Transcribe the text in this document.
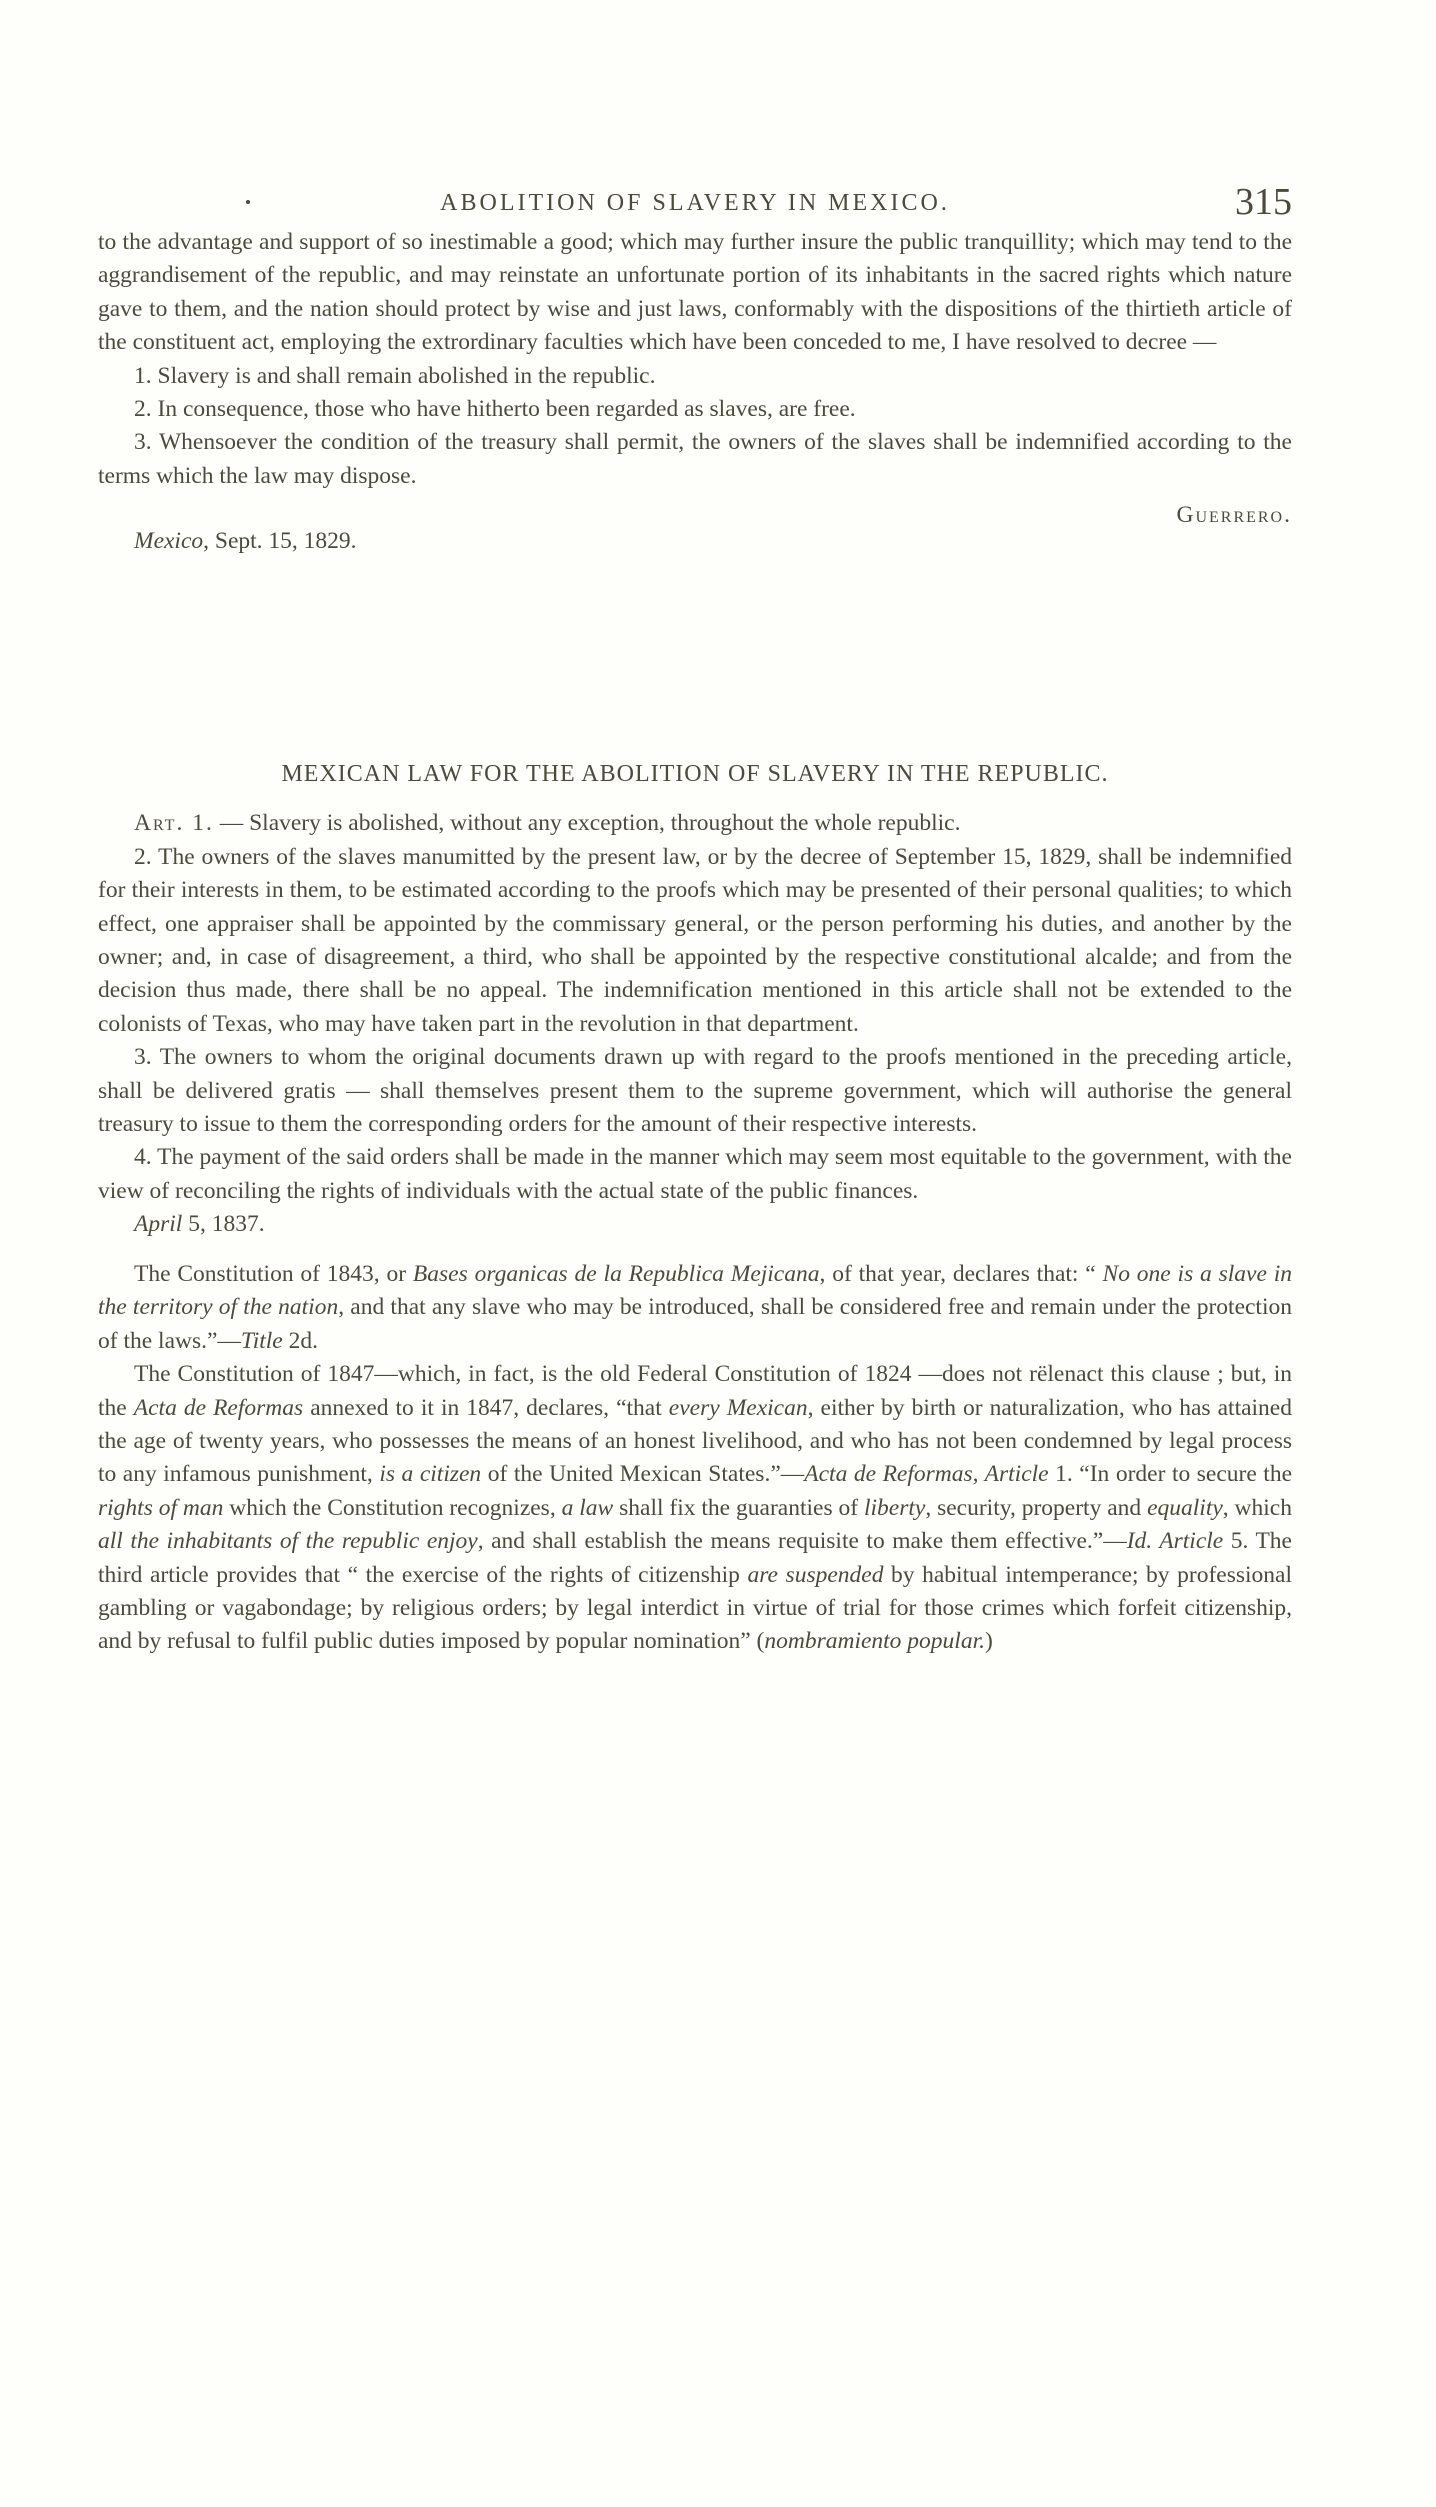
ABOLITION OF SLAVERY IN MEXICO.	315

to the advantage and support of so inestimable a good; which may further insure the public tranquillity; which may tend to the aggrandisement of the republic, and may reinstate an unfortunate portion of its inhabitants in the sacred rights which nature gave to them, and the nation should protect by wise and just laws, conformably with the dispositions of the thirtieth article of the constituent act, employing the extrordinary faculties which have been conceded to me, I have resolved to decree —

1. Slavery is and shall remain abolished in the republic.

2. In consequence, those who have hitherto been regarded as slaves, are free.

3. Whensoever the condition of the treasury shall permit, the owners of the slaves shall be indemnified according to the terms which the law may dispose.

Guerrero.

Mexico, Sept. 15, 1829.

MEXICAN LAW FOR THE ABOLITION OF SLAVERY IN THE REPUBLIC.

Art. 1. — Slavery is abolished, without any exception, throughout the whole republic.

2. The owners of the slaves manumitted by the present law, or by the decree of September 15, 1829, shall be indemnified for their interests in them, to be estimated according to the proofs which may be presented of their personal qualities; to which effect, one appraiser shall be appointed by the commissary general, or the person performing his duties, and another by the owner; and, in case of disagreement, a third, who shall be appointed by the respective constitutional alcalde; and from the decision thus made, there shall be no appeal. The indemnification mentioned in this article shall not be extended to the colonists of Texas, who may have taken part in the revolution in that department.

3. The owners to whom the original documents drawn up with regard to the proofs mentioned in the preceding article, shall be delivered gratis — shall themselves present them to the supreme government, which will authorise the general treasury to issue to them the corresponding orders for the amount of their respective interests.

4. The payment of the said orders shall be made in the manner which may seem most equitable to the government, with the view of reconciling the rights of individuals with the actual state of the public finances.

April 5, 1837.

The Constitution of 1843, or Bases organicas de la Republica Mejicana, of that year, declares that: “ No one is a slave in the territory of the nation, and that any slave who may be introduced, shall be considered free and remain under the protection of the laws.”—Title 2d.

The Constitution of 1847—which, in fact, is the old Federal Constitution of 1824 —does not rëlenact this clause ; but, in the Acta de Reformas annexed to it in 1847, declares, “that every Mexican, either by birth or naturalization, who has attained the age of twenty years, who possesses the means of an honest livelihood, and who has not been condemned by legal process to any infamous punishment, is a citizen of the United Mexican States.”—Acta de Reformas, Article 1. “In order to secure the rights of man which the Constitution recognizes, a law shall fix the guaranties of liberty, security, property and equality, which all the inhabitants of the republic enjoy, and shall establish the means requisite to make them effective.”—Id. Article 5. The third article provides that “ the exercise of the rights of citizenship are suspended by habitual intemperance; by professional gambling or vagabondage; by religious orders; by legal interdict in virtue of trial for those crimes which forfeit citizenship, and by refusal to fulfil public duties imposed by popular nomination” (nombramiento popular.)
